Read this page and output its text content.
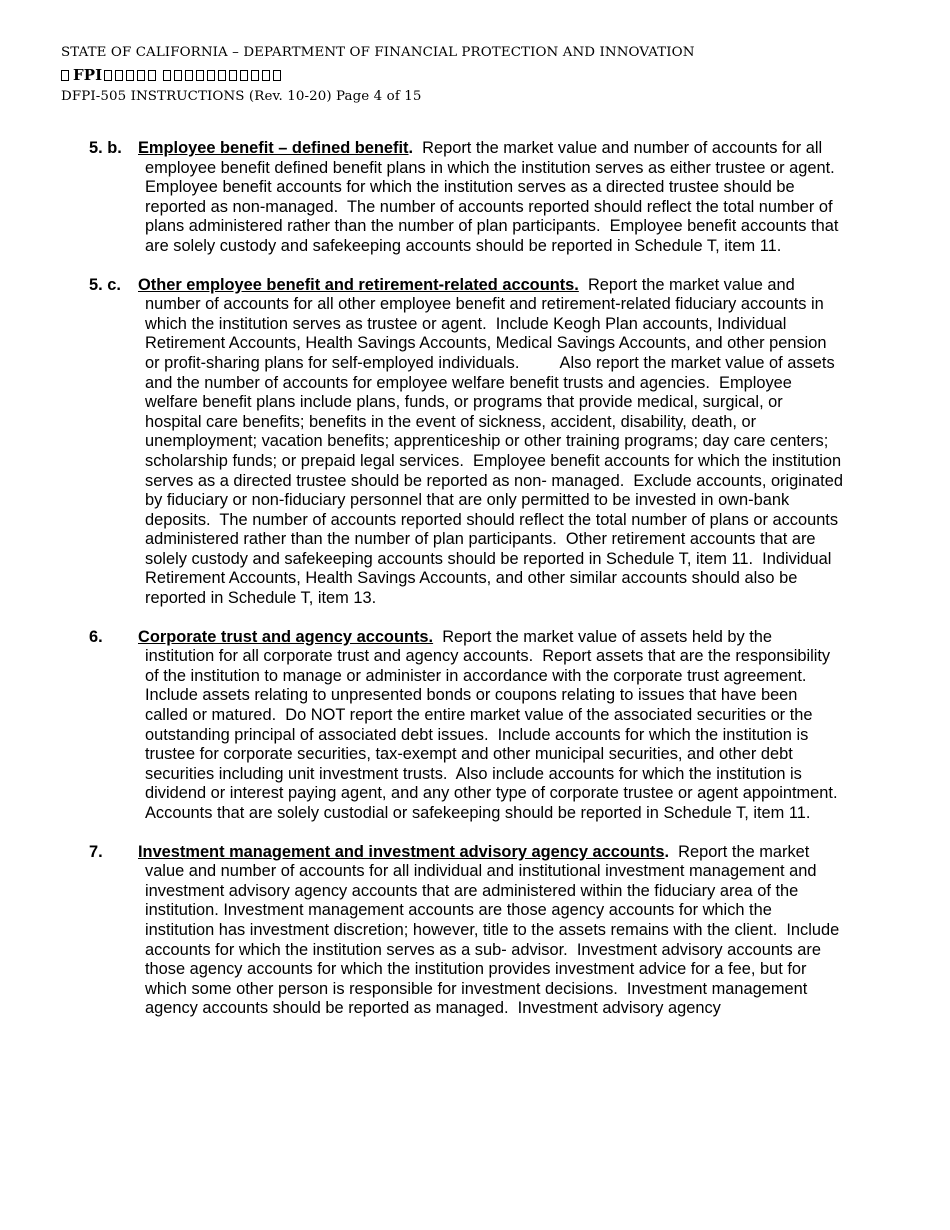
STATE OF CALIFORNIA – DEPARTMENT OF FINANCIAL PROTECTION AND INNOVATION
FPI
DFPI-505 INSTRUCTIONS (Rev. 10-20) Page 4 of 15
5. b. Employee benefit – defined benefit.  Report the market value and number of accounts for all
employee benefit defined benefit plans in which the institution serves as either trustee or agent.
Employee benefit accounts for which the institution serves as a directed trustee should be
reported as non-managed.  The number of accounts reported should reflect the total number of
plans administered rather than the number of plan participants.  Employee benefit accounts that
are solely custody and safekeeping accounts should be reported in Schedule T, item 11.
5. c. Other employee benefit and retirement-related accounts.  Report the market value and
number of accounts for all other employee benefit and retirement-related fiduciary accounts in
which the institution serves as trustee or agent.  Include Keogh Plan accounts, Individual
Retirement Accounts, Health Savings Accounts, Medical Savings Accounts, and other pension
or profit-sharing plans for self-employed individuals.         Also report the market value of assets
and the number of accounts for employee welfare benefit trusts and agencies.  Employee
welfare benefit plans include plans, funds, or programs that provide medical, surgical, or
hospital care benefits; benefits in the event of sickness, accident, disability, death, or
unemployment; vacation benefits; apprenticeship or other training programs; day care centers;
scholarship funds; or prepaid legal services.  Employee benefit accounts for which the institution
serves as a directed trustee should be reported as non- managed.  Exclude accounts, originated
by fiduciary or non-fiduciary personnel that are only permitted to be invested in own-bank
deposits.  The number of accounts reported should reflect the total number of plans or accounts
administered rather than the number of plan participants.  Other retirement accounts that are
solely custody and safekeeping accounts should be reported in Schedule T, item 11.  Individual
Retirement Accounts, Health Savings Accounts, and other similar accounts should also be
reported in Schedule T, item 13.
6. Corporate trust and agency accounts.  Report the market value of assets held by the
institution for all corporate trust and agency accounts.  Report assets that are the responsibility
of the institution to manage or administer in accordance with the corporate trust agreement.
Include assets relating to unpresented bonds or coupons relating to issues that have been
called or matured.  Do NOT report the entire market value of the associated securities or the
outstanding principal of associated debt issues.  Include accounts for which the institution is
trustee for corporate securities, tax-exempt and other municipal securities, and other debt
securities including unit investment trusts.  Also include accounts for which the institution is
dividend or interest paying agent, and any other type of corporate trustee or agent appointment.
Accounts that are solely custodial or safekeeping should be reported in Schedule T, item 11.
7. Investment management and investment advisory agency accounts.  Report the market
value and number of accounts for all individual and institutional investment management and
investment advisory agency accounts that are administered within the fiduciary area of the
institution. Investment management accounts are those agency accounts for which the
institution has investment discretion; however, title to the assets remains with the client.  Include
accounts for which the institution serves as a sub- advisor.  Investment advisory accounts are
those agency accounts for which the institution provides investment advice for a fee, but for
which some other person is responsible for investment decisions.  Investment management
agency accounts should be reported as managed.  Investment advisory agency
